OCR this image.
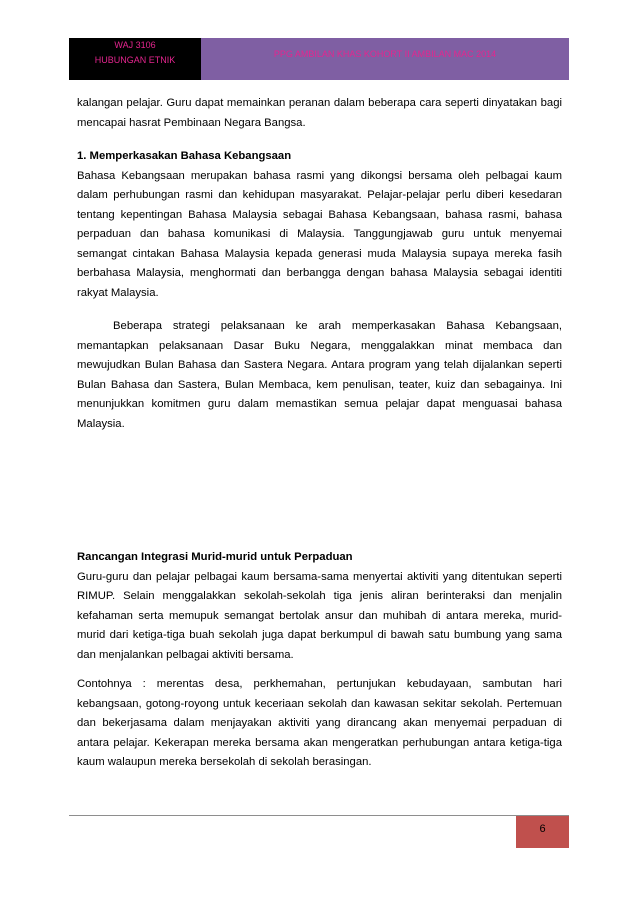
WAJ 3106
HUBUNGAN ETNIK
PPG AMBILAN KHAS KOHORT II AMBILAN MAC 2014

kalangan pelajar. Guru dapat memainkan peranan dalam beberapa cara seperti dinyatakan bagi mencapai hasrat Pembinaan Negara Bangsa.

1. Memperkasakan Bahasa Kebangsaan

Bahasa Kebangsaan merupakan bahasa rasmi yang dikongsi bersama oleh pelbagai kaum dalam perhubungan rasmi dan kehidupan masyarakat. Pelajar-pelajar perlu diberi kesedaran tentang kepentingan Bahasa Malaysia sebagai Bahasa Kebangsaan, bahasa rasmi, bahasa perpaduan dan bahasa komunikasi di Malaysia. Tanggungjawab guru untuk menyemai semangat cintakan Bahasa Malaysia kepada generasi muda Malaysia supaya mereka fasih berbahasa Malaysia, menghormati dan berbangga dengan bahasa Malaysia sebagai identiti rakyat Malaysia.

Beberapa strategi pelaksanaan ke arah memperkasakan Bahasa Kebangsaan, memantapkan pelaksanaan Dasar Buku Negara, menggalakkan minat membaca dan mewujudkan Bulan Bahasa dan Sastera Negara. Antara program yang telah dijalankan seperti Bulan Bahasa dan Sastera, Bulan Membaca, kem penulisan, teater, kuiz dan sebagainya. Ini menunjukkan komitmen guru dalam memastikan semua pelajar dapat menguasai bahasa Malaysia.

Rancangan Integrasi Murid-murid untuk Perpaduan

Guru-guru dan pelajar pelbagai kaum bersama-sama menyertai aktiviti yang ditentukan seperti RIMUP. Selain menggalakkan sekolah-sekolah tiga jenis aliran berinteraksi dan menjalin kefahaman serta memupuk semangat bertolak ansur dan muhibah di antara mereka, murid-murid dari ketiga-tiga buah sekolah juga dapat berkumpul di bawah satu bumbung yang sama dan menjalankan pelbagai aktiviti bersama.

Contohnya : merentas desa, perkhemahan, pertunjukan kebudayaan, sambutan hari kebangsaan, gotong-royong untuk keceriaan sekolah dan kawasan sekitar sekolah. Pertemuan dan bekerjasama dalam menjayakan aktiviti yang dirancang akan menyemai perpaduan di antara pelajar. Kekerapan mereka bersama akan mengeratkan perhubungan antara ketiga-tiga kaum walaupun mereka bersekolah di sekolah berasingan.

6
